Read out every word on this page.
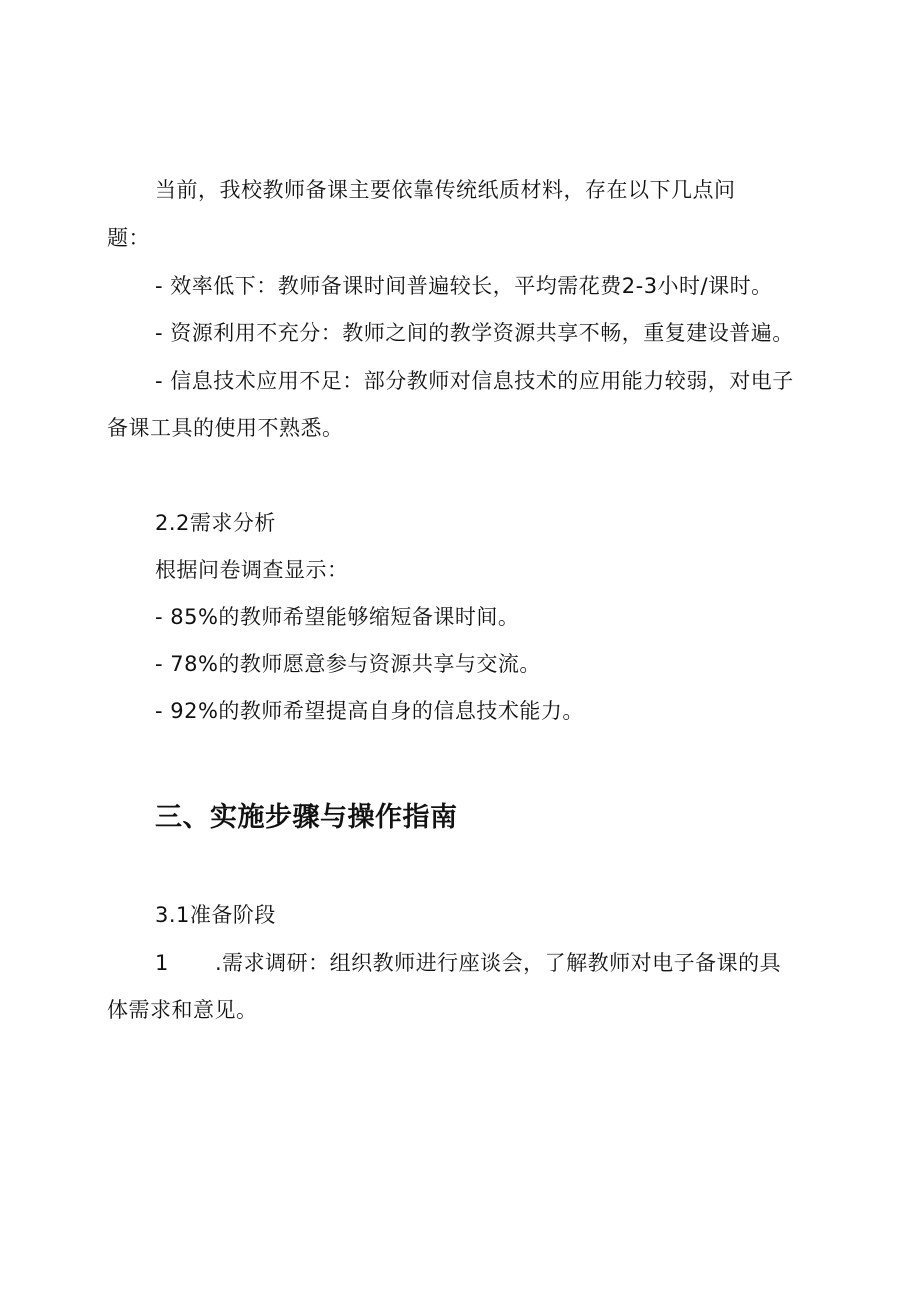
当前，我校教师备课主要依靠传统纸质材料，存在以下几点问
题：
- 效率低下：教师备课时间普遍较长，平均需花费2-3小时/课时。
- 资源利用不充分：教师之间的教学资源共享不畅，重复建设普遍。
- 信息技术应用不足：部分教师对信息技术的应用能力较弱，对电子
备课工具的使用不熟悉。
2.2需求分析
根据问卷调查显示：
- 85%的教师希望能够缩短备课时间。
- 78%的教师愿意参与资源共享与交流。
- 92%的教师希望提高自身的信息技术能力。
三、实施步骤与操作指南
3.1准备阶段
1 .需求调研：组织教师进行座谈会，了解教师对电子备课的具
体需求和意见。
